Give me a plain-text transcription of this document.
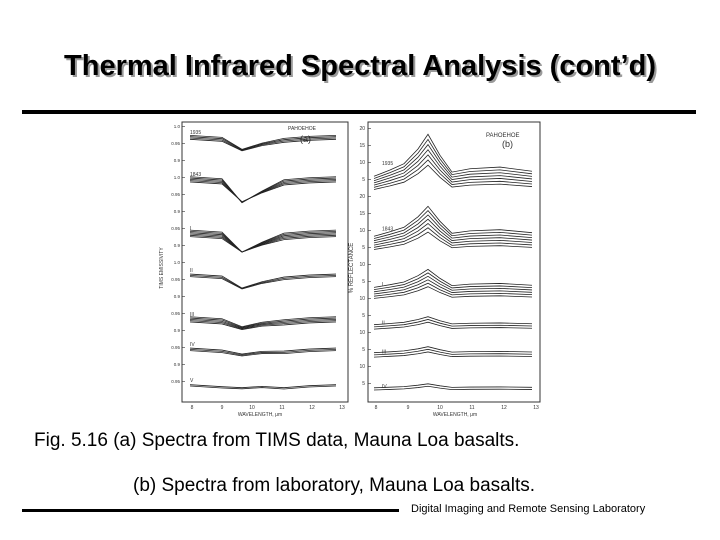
Thermal Infrared Spectral Analysis (cont’d)
TIMS EMISSIVITY
PAHOEHOE
(a)
WAVELENGTH, μm
1935
1843
I
II
III
IV
V
1.0
0.95
0.9
1.0
0.95
0.9
0.95
0.9
1.0
0.95
0.9
0.95
0.9
0.95
0.9
0.95
8	9	10	11	12	13
% REFLECTANCE
PAHOEHOE
(b)
WAVELENGTH, μm
1935
1843
I
II
III
IV
20
15
10
5
20
15
10
5
10
5
10
5
10
5
10
5
8	9	10	11	12	13
Fig. 5.16 (a) Spectra from TIMS data, Mauna Loa basalts.
(b) Spectra from laboratory, Mauna Loa basalts.
Digital Imaging and Remote Sensing Laboratory
